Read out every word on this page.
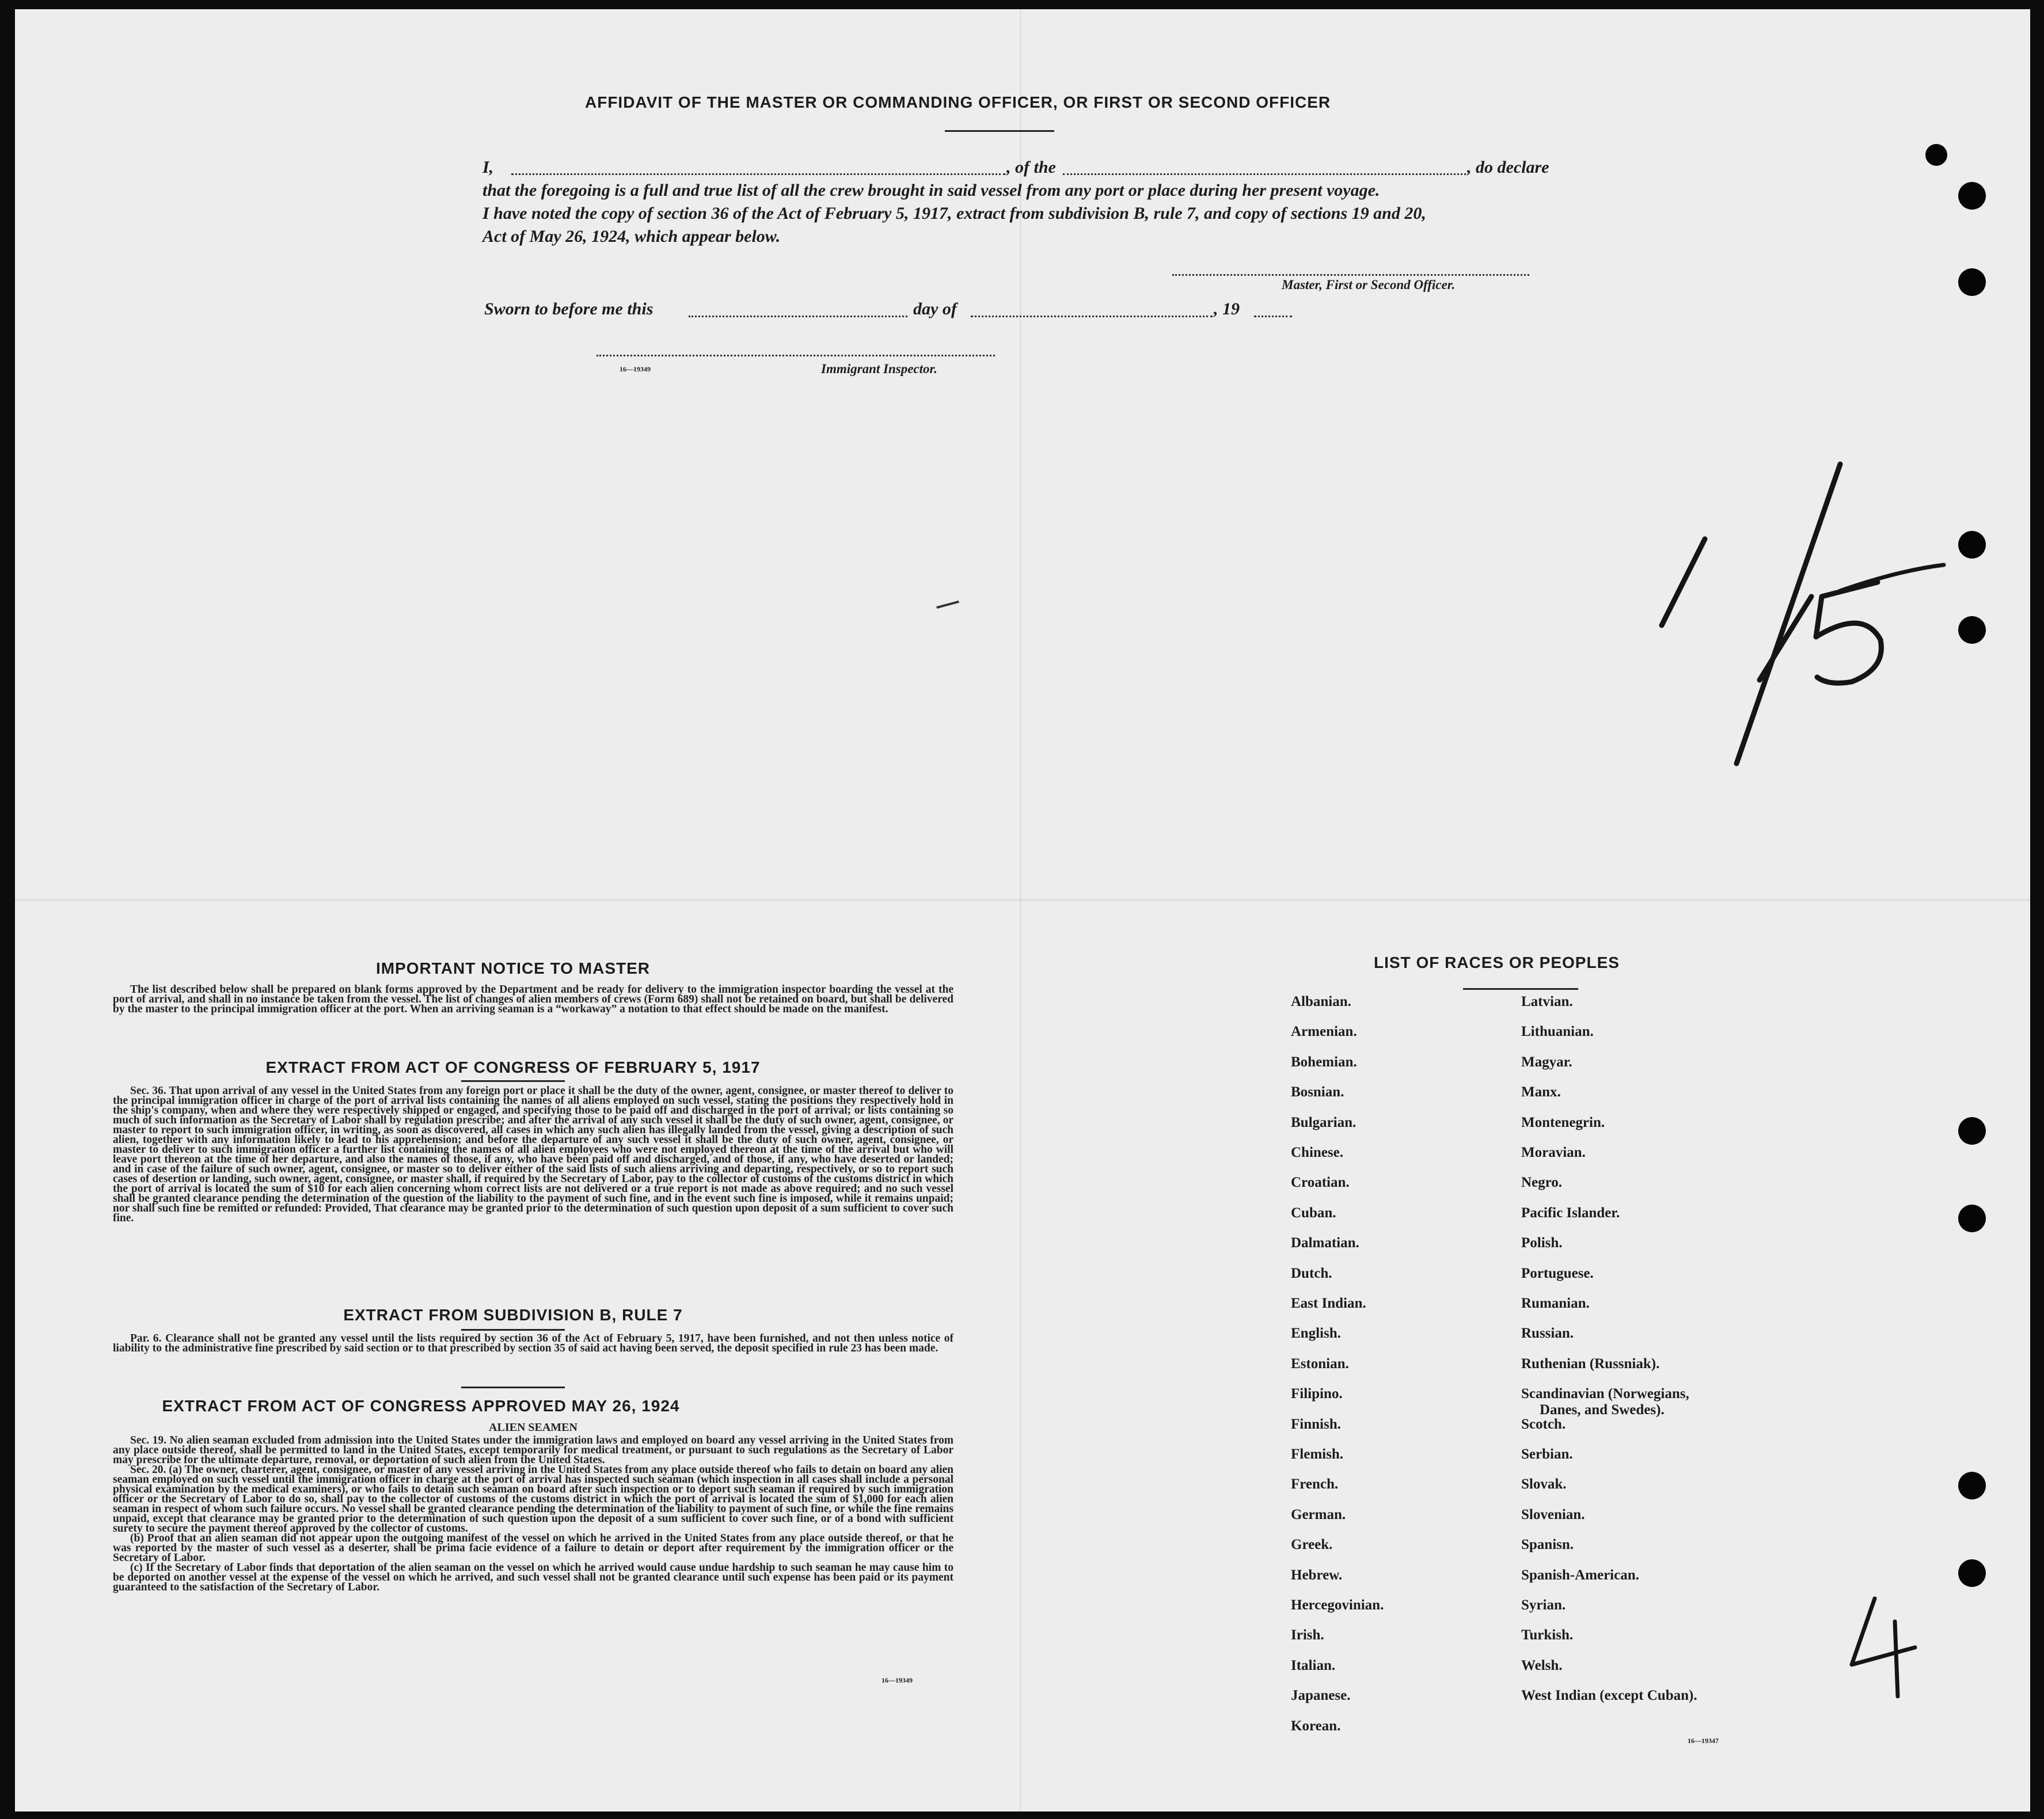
AFFIDAVIT OF THE MASTER OR COMMANDING OFFICER, OR FIRST OR SECOND OFFICER
I,	, of the	, do declare
that the foregoing is a full and true list of all the crew brought in said vessel from any port or place during her present voyage.
I have noted the copy of section 36 of the Act of February 5, 1917, extract from subdivision B, rule 7, and copy of sections 19 and 20,
Act of May 26, 1924, which appear below.
Master, First or Second Officer.
Sworn to before me this	day of	, 19
16—19349	Immigrant Inspector.
IMPORTANT NOTICE TO MASTER

The list described below shall be prepared on blank forms approved by the Department and be ready for delivery to the immigration inspector boarding the vessel at the port of arrival, and shall in no instance be taken from the vessel. The list of changes of alien members of crews (Form 689) shall not be retained on board, but shall be delivered by the master to the principal immigration officer at the port. When an arriving seaman is a “workaway” a notation to that effect should be made on the manifest.

EXTRACT FROM ACT OF CONGRESS OF FEBRUARY 5, 1917

Sec. 36. That upon arrival of any vessel in the United States from any foreign port or place it shall be the duty of the owner, agent, consignee, or master thereof to deliver to the principal immigration officer in charge of the port of arrival lists containing the names of all aliens employed on such vessel, stating the positions they respectively hold in the ship's company, when and where they were respectively shipped or engaged, and specifying those to be paid off and discharged in the port of arrival; or lists containing so much of such information as the Secretary of Labor shall by regulation prescribe; and after the arrival of any such vessel it shall be the duty of such owner, agent, consignee, or master to report to such immigration officer, in writing, as soon as discovered, all cases in which any such alien has illegally landed from the vessel, giving a description of such alien, together with any information likely to lead to his apprehension; and before the departure of any such vessel it shall be the duty of such owner, agent, consignee, or master to deliver to such immigration officer a further list containing the names of all alien employees who were not employed thereon at the time of the arrival but who will leave port thereon at the time of her departure, and also the names of those, if any, who have been paid off and discharged, and of those, if any, who have deserted or landed; and in case of the failure of such owner, agent, consignee, or master so to deliver either of the said lists of such aliens arriving and departing, respectively, or so to report such cases of desertion or landing, such owner, agent, consignee, or master shall, if required by the Secretary of Labor, pay to the collector of customs of the customs district in which the port of arrival is located the sum of $10 for each alien concerning whom correct lists are not delivered or a true report is not made as above required; and no such vessel shall be granted clearance pending the determination of the question of the liability to the payment of such fine, and in the event such fine is imposed, while it remains unpaid; nor shall such fine be remitted or refunded: Provided, That clearance may be granted prior to the determination of such question upon deposit of a sum sufficient to cover such fine.

EXTRACT FROM SUBDIVISION B, RULE 7

Par. 6. Clearance shall not be granted any vessel until the lists required by section 36 of the Act of February 5, 1917, have been furnished, and not then unless notice of liability to the administrative fine prescribed by said section or to that prescribed by section 35 of said act having been served, the deposit specified in rule 23 has been made.

EXTRACT FROM ACT OF CONGRESS APPROVED MAY 26, 1924

ALIEN SEAMEN

Sec. 19. No alien seaman excluded from admission into the United States under the immigration laws and employed on board any vessel arriving in the United States from any place outside thereof, shall be permitted to land in the United States, except temporarily for medical treatment, or pursuant to such regulations as the Secretary of Labor may prescribe for the ultimate departure, removal, or deportation of such alien from the United States.

Sec. 20. (a) The owner, charterer, agent, consignee, or master of any vessel arriving in the United States from any place outside thereof who fails to detain on board any alien seaman employed on such vessel until the immigration officer in charge at the port of arrival has inspected such seaman (which inspection in all cases shall include a personal physical examination by the medical examiners), or who fails to detain such seaman on board after such inspection or to deport such seaman if required by such immigration officer or the Secretary of Labor to do so, shall pay to the collector of customs of the customs district in which the port of arrival is located the sum of $1,000 for each alien seaman in respect of whom such failure occurs. No vessel shall be granted clearance pending the determination of the liability to payment of such fine, or while the fine remains unpaid, except that clearance may be granted prior to the determination of such question upon the deposit of a sum sufficient to cover such fine, or of a bond with sufficient surety to secure the payment thereof approved by the collector of customs.

(b) Proof that an alien seaman did not appear upon the outgoing manifest of the vessel on which he arrived in the United States from any place outside thereof, or that he was reported by the master of such vessel as a deserter, shall be prima facie evidence of a failure to detain or deport after requirement by the immigration officer or the Secretary of Labor.

(c) If the Secretary of Labor finds that deportation of the alien seaman on the vessel on which he arrived would cause undue hardship to such seaman he may cause him to be deported on another vessel at the expense of the vessel on which he arrived, and such vessel shall not be granted clearance until such expense has been paid or its payment guaranteed to the satisfaction of the Secretary of Labor.

16—19349
LIST OF RACES OR PEOPLES
16—19347
Albanian.
Armenian.
Bohemian.
Bosnian.
Bulgarian.
Chinese.
Croatian.
Cuban.
Dalmatian.
Dutch.
East Indian.
English.
Estonian.
Filipino.
Finnish.
Flemish.
French.
German.
Greek.
Hebrew.
Hercegovinian.
Irish.
Italian.
Japanese.
Korean.
Latvian.
Lithuanian.
Magyar.
Manx.
Montenegrin.
Moravian.
Negro.
Pacific Islander.
Polish.
Portuguese.
Rumanian.
Russian.
Ruthenian (Russniak).
Scandinavian (Norwegians,
Danes, and Swedes).
Scotch.
Serbian.
Slovak.
Slovenian.
Spanisn.
Spanish-American.
Syrian.
Turkish.
Welsh.
West Indian (except Cuban).
